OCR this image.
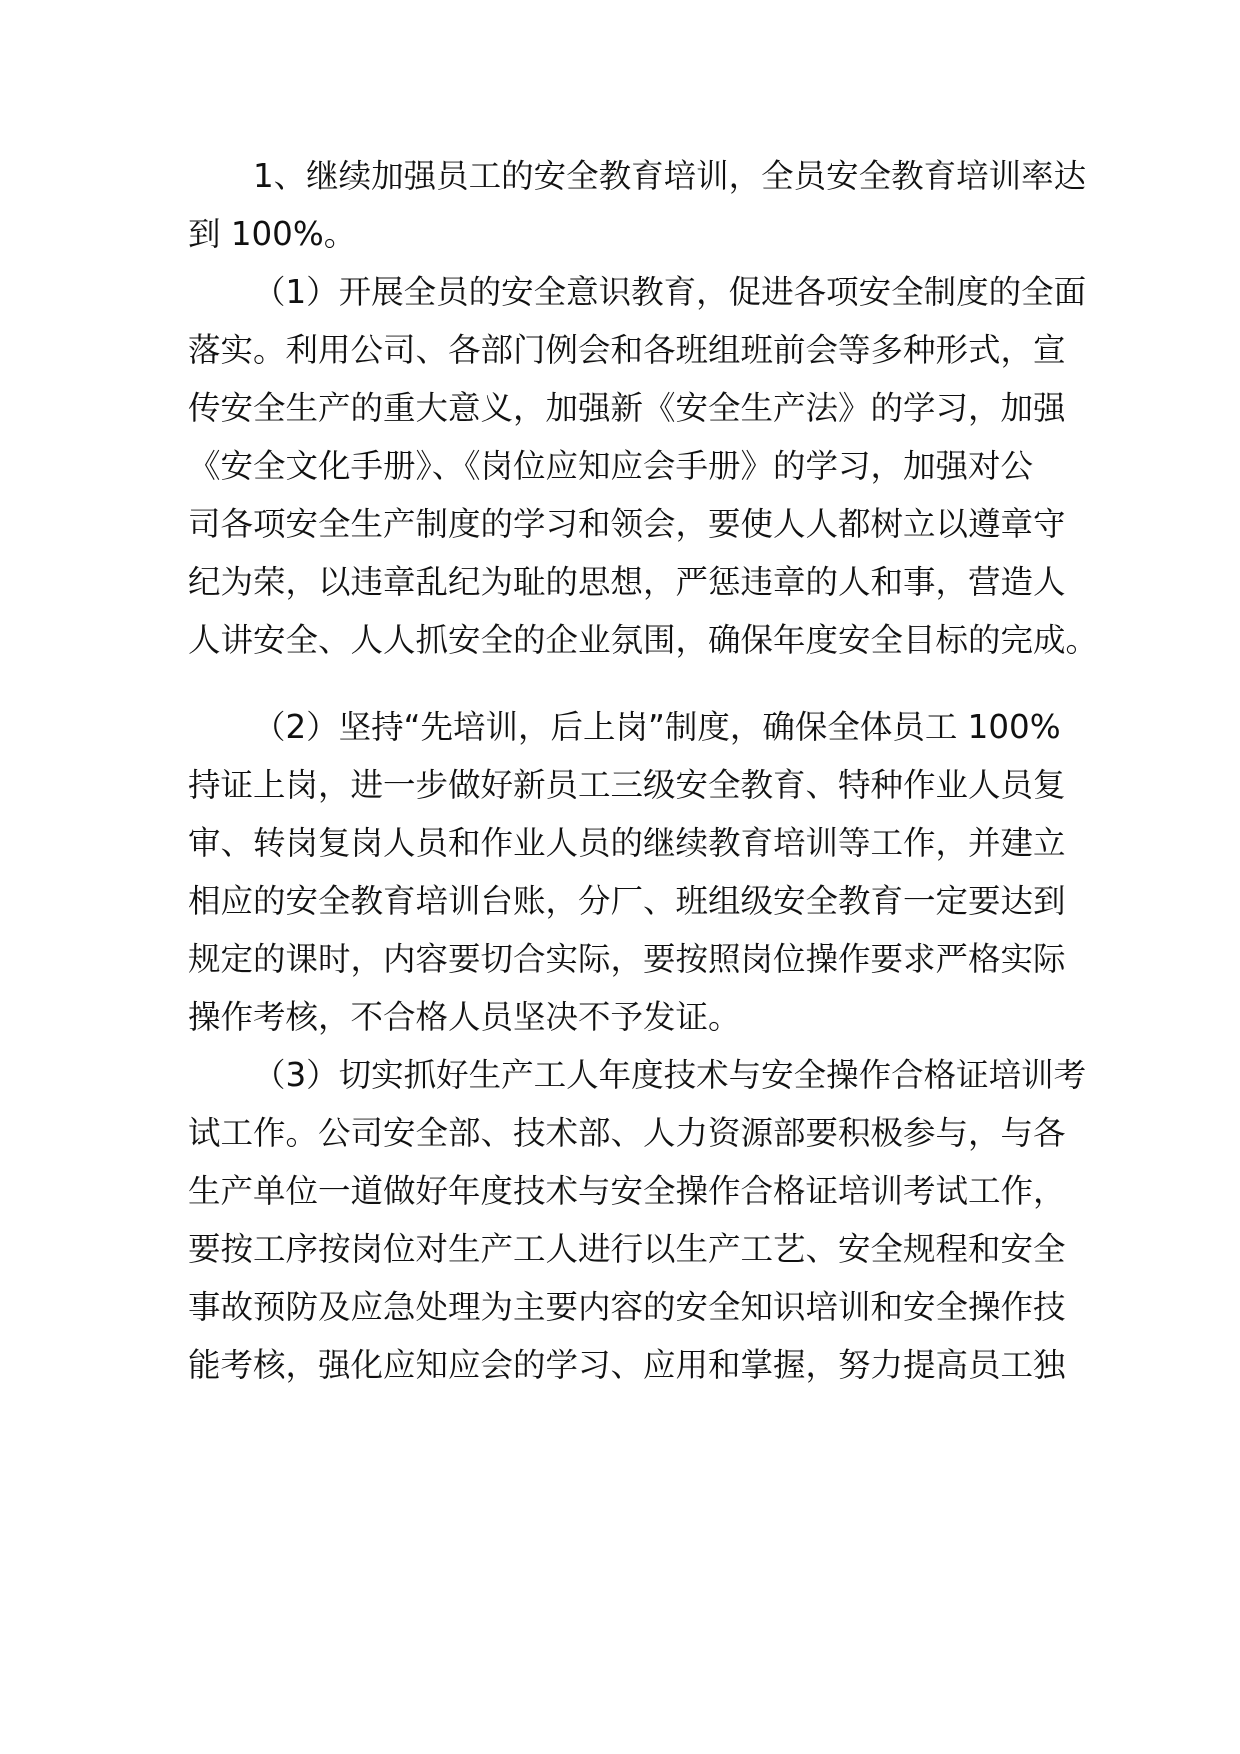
1、继续加强员工的安全教育培训，全员安全教育培训率达

到 100%。

（1）开展全员的安全意识教育，促进各项安全制度的全面

落实。利用公司、各部门例会和各班组班前会等多种形式，宣

传安全生产的重大意义，加强新《安全生产法》的学习，加强

《安全文化手册》、《岗位应知应会手册》的学习，加强对公

司各项安全生产制度的学习和领会，要使人人都树立以遵章守

纪为荣，以违章乱纪为耻的思想，严惩违章的人和事，营造人

人讲安全、人人抓安全的企业氛围，确保年度安全目标的完成。

（2）坚持“先培训，后上岗”制度，确保全体员工 100%

持证上岗，进一步做好新员工三级安全教育、特种作业人员复

审、转岗复岗人员和作业人员的继续教育培训等工作，并建立

相应的安全教育培训台账，分厂、班组级安全教育一定要达到

规定的课时，内容要切合实际，要按照岗位操作要求严格实际

操作考核，不合格人员坚决不予发证。

（3）切实抓好生产工人年度技术与安全操作合格证培训考

试工作。公司安全部、技术部、人力资源部要积极参与，与各

生产单位一道做好年度技术与安全操作合格证培训考试工作，

要按工序按岗位对生产工人进行以生产工艺、安全规程和安全

事故预防及应急处理为主要内容的安全知识培训和安全操作技

能考核，强化应知应会的学习、应用和掌握，努力提高员工独
